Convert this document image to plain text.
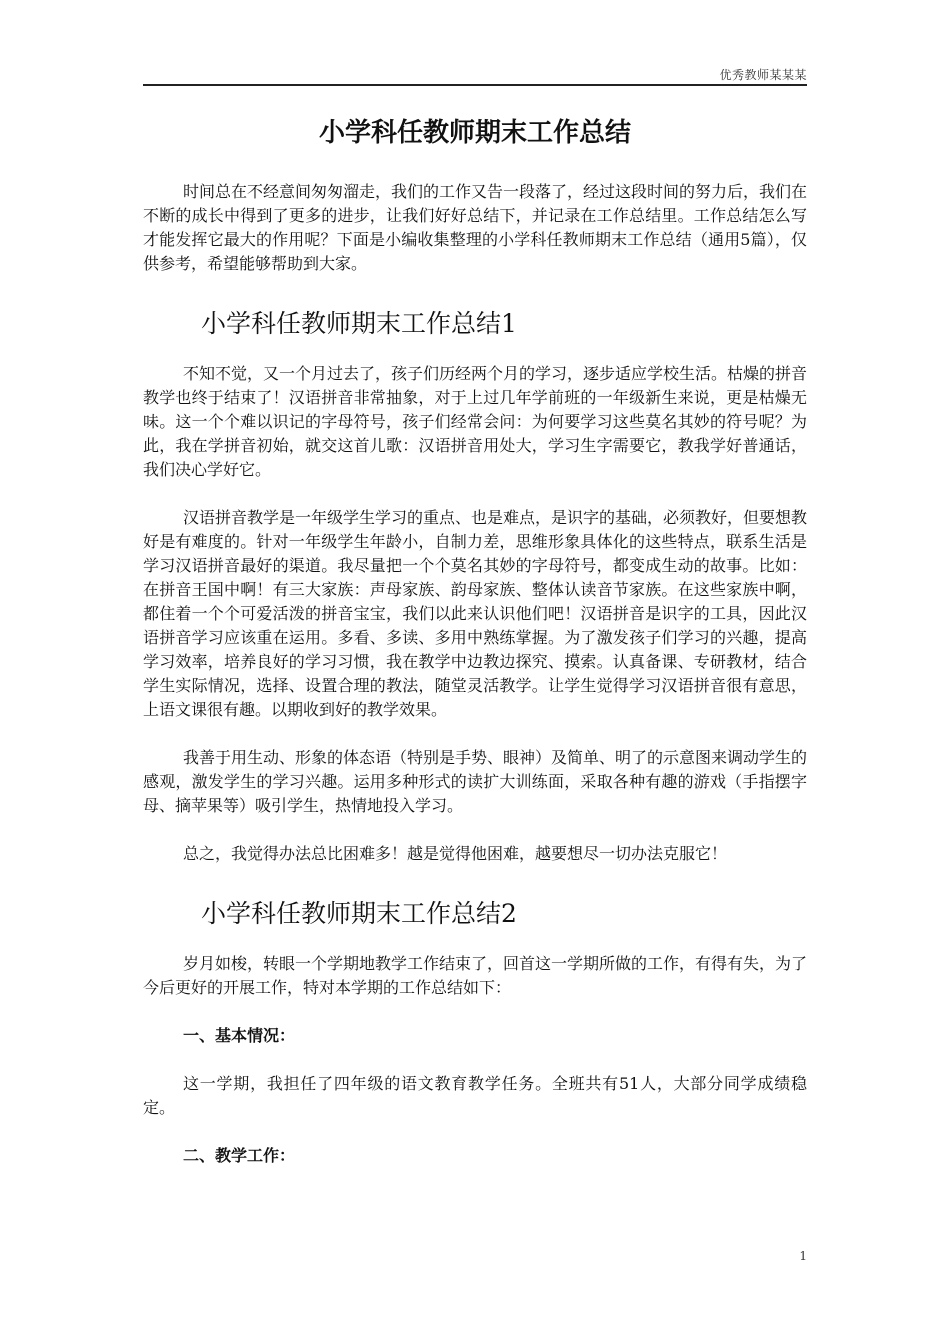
优秀教师某某某
小学科任教师期末工作总结

时间总在不经意间匆匆溜走，我们的工作又告一段落了，经过这段时间的努力后，我们在不断的成长中得到了更多的进步，让我们好好总结下，并记录在工作总结里。工作总结怎么写才能发挥它最大的作用呢？下面是小编收集整理的小学科任教师期末工作总结（通用5篇），仅供参考，希望能够帮助到大家。

小学科任教师期末工作总结1

不知不觉，又一个月过去了，孩子们历经两个月的学习，逐步适应学校生活。枯燥的拼音教学也终于结束了！汉语拼音非常抽象，对于上过几年学前班的一年级新生来说，更是枯燥无味。这一个个难以识记的字母符号，孩子们经常会问：为何要学习这些莫名其妙的符号呢？为此，我在学拼音初始，就交这首儿歌：汉语拼音用处大，学习生字需要它，教我学好普通话，我们决心学好它。

汉语拼音教学是一年级学生学习的重点、也是难点，是识字的基础，必须教好，但要想教好是有难度的。针对一年级学生年龄小，自制力差，思维形象具体化的这些特点，联系生活是学习汉语拼音最好的渠道。我尽量把一个个莫名其妙的字母符号，都变成生动的故事。比如：在拼音王国中啊！有三大家族：声母家族、韵母家族、整体认读音节家族。在这些家族中啊，都住着一个个可爱活泼的拼音宝宝，我们以此来认识他们吧！汉语拼音是识字的工具，因此汉语拼音学习应该重在运用。多看、多读、多用中熟练掌握。为了激发孩子们学习的兴趣，提高学习效率，培养良好的学习习惯，我在教学中边教边探究、摸索。认真备课、专研教材，结合学生实际情况，选择、设置合理的教法，随堂灵活教学。让学生觉得学习汉语拼音很有意思，上语文课很有趣。以期收到好的教学效果。

我善于用生动、形象的体态语（特别是手势、眼神）及简单、明了的示意图来调动学生的感观，激发学生的学习兴趣。运用多种形式的读扩大训练面，采取各种有趣的游戏（手指摆字母、摘苹果等）吸引学生，热情地投入学习。

总之，我觉得办法总比困难多！越是觉得他困难，越要想尽一切办法克服它！

小学科任教师期末工作总结2

岁月如梭，转眼一个学期地教学工作结束了，回首这一学期所做的工作，有得有失，为了今后更好的开展工作，特对本学期的工作总结如下：

一、基本情况：

这一学期，我担任了四年级的语文教育教学任务。全班共有51人，大部分同学成绩稳定。

二、教学工作：
1
